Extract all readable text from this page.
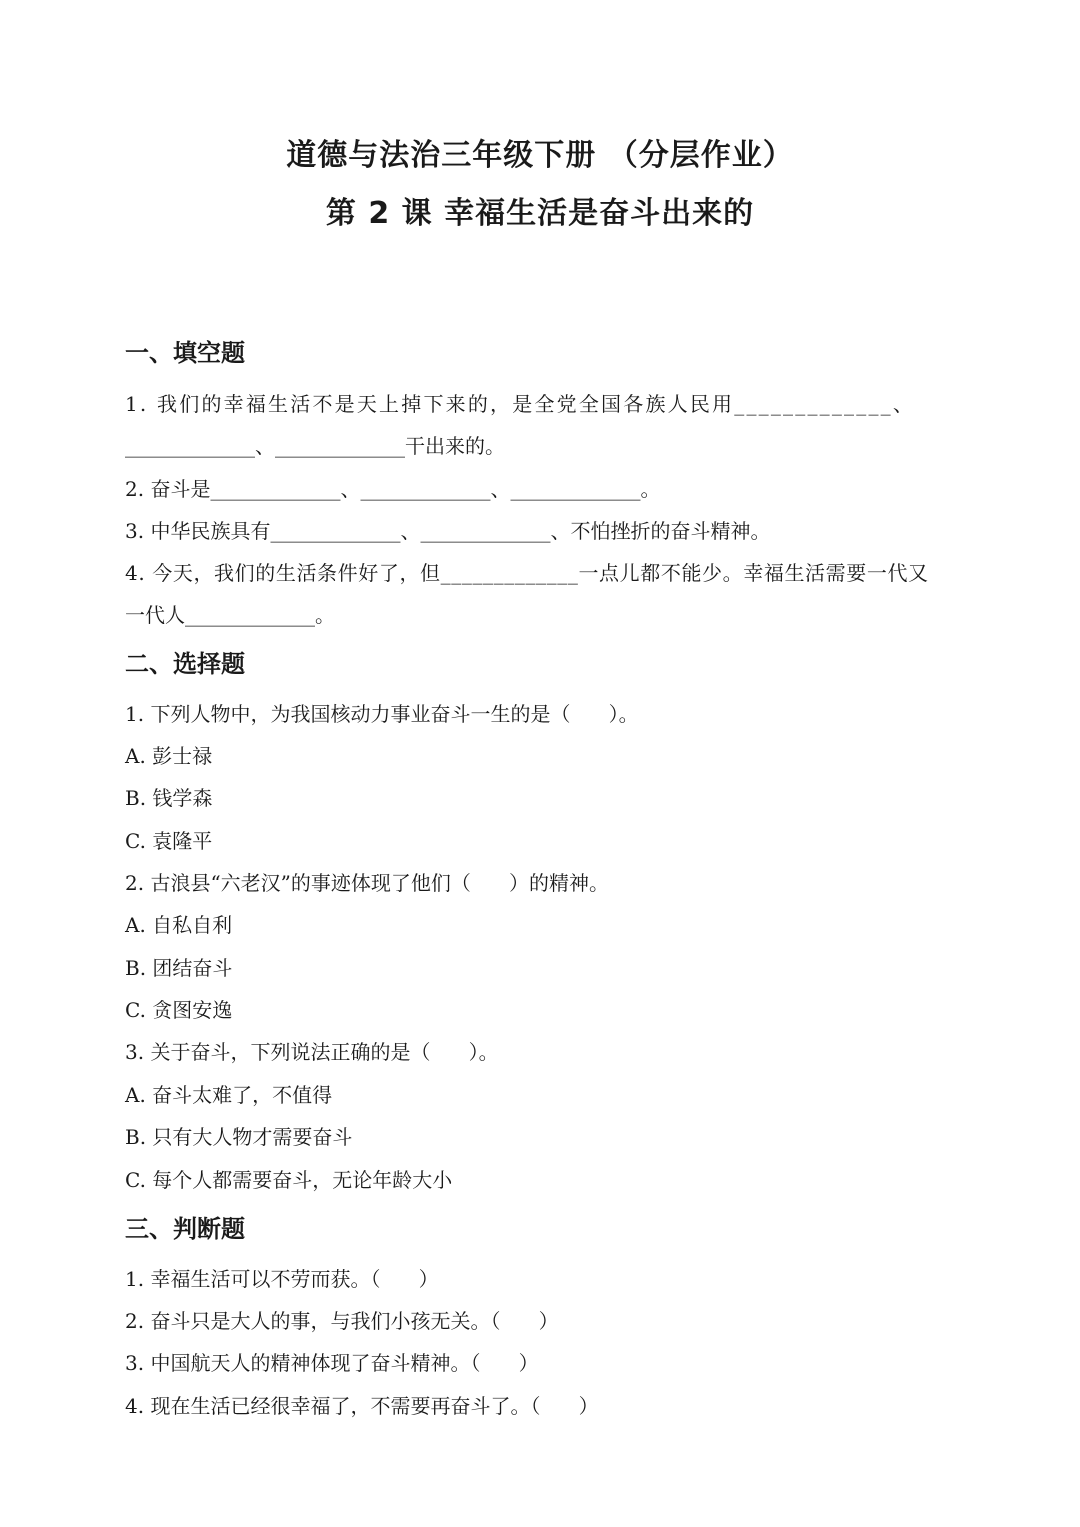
道德与法治三年级下册 （分层作业）
第 2 课 幸福生活是奋斗出来的
一、填空题
1. 我们的幸福生活不是天上掉下来的，是全党全国各族人民用_____________、
_____________、_____________干出来的。
2. 奋斗是_____________、_____________、_____________。
3. 中华民族具有_____________、_____________、不怕挫折的奋斗精神。
4. 今天，我们的生活条件好了，但_____________一点儿都不能少。幸福生活需要一代又
一代人_____________。
二、选择题
1. 下列人物中，为我国核动力事业奋斗一生的是（      ）。
A. 彭士禄
B. 钱学森
C. 袁隆平
2. 古浪县“六老汉”的事迹体现了他们（      ）的精神。
A. 自私自利
B. 团结奋斗
C. 贪图安逸
3. 关于奋斗，下列说法正确的是（      ）。
A. 奋斗太难了，不值得
B. 只有大人物才需要奋斗
C. 每个人都需要奋斗，无论年龄大小
三、判断题
1. 幸福生活可以不劳而获。（      ）
2. 奋斗只是大人的事，与我们小孩无关。（      ）
3. 中国航天人的精神体现了奋斗精神。（      ）
4. 现在生活已经很幸福了，不需要再奋斗了。（      ）
